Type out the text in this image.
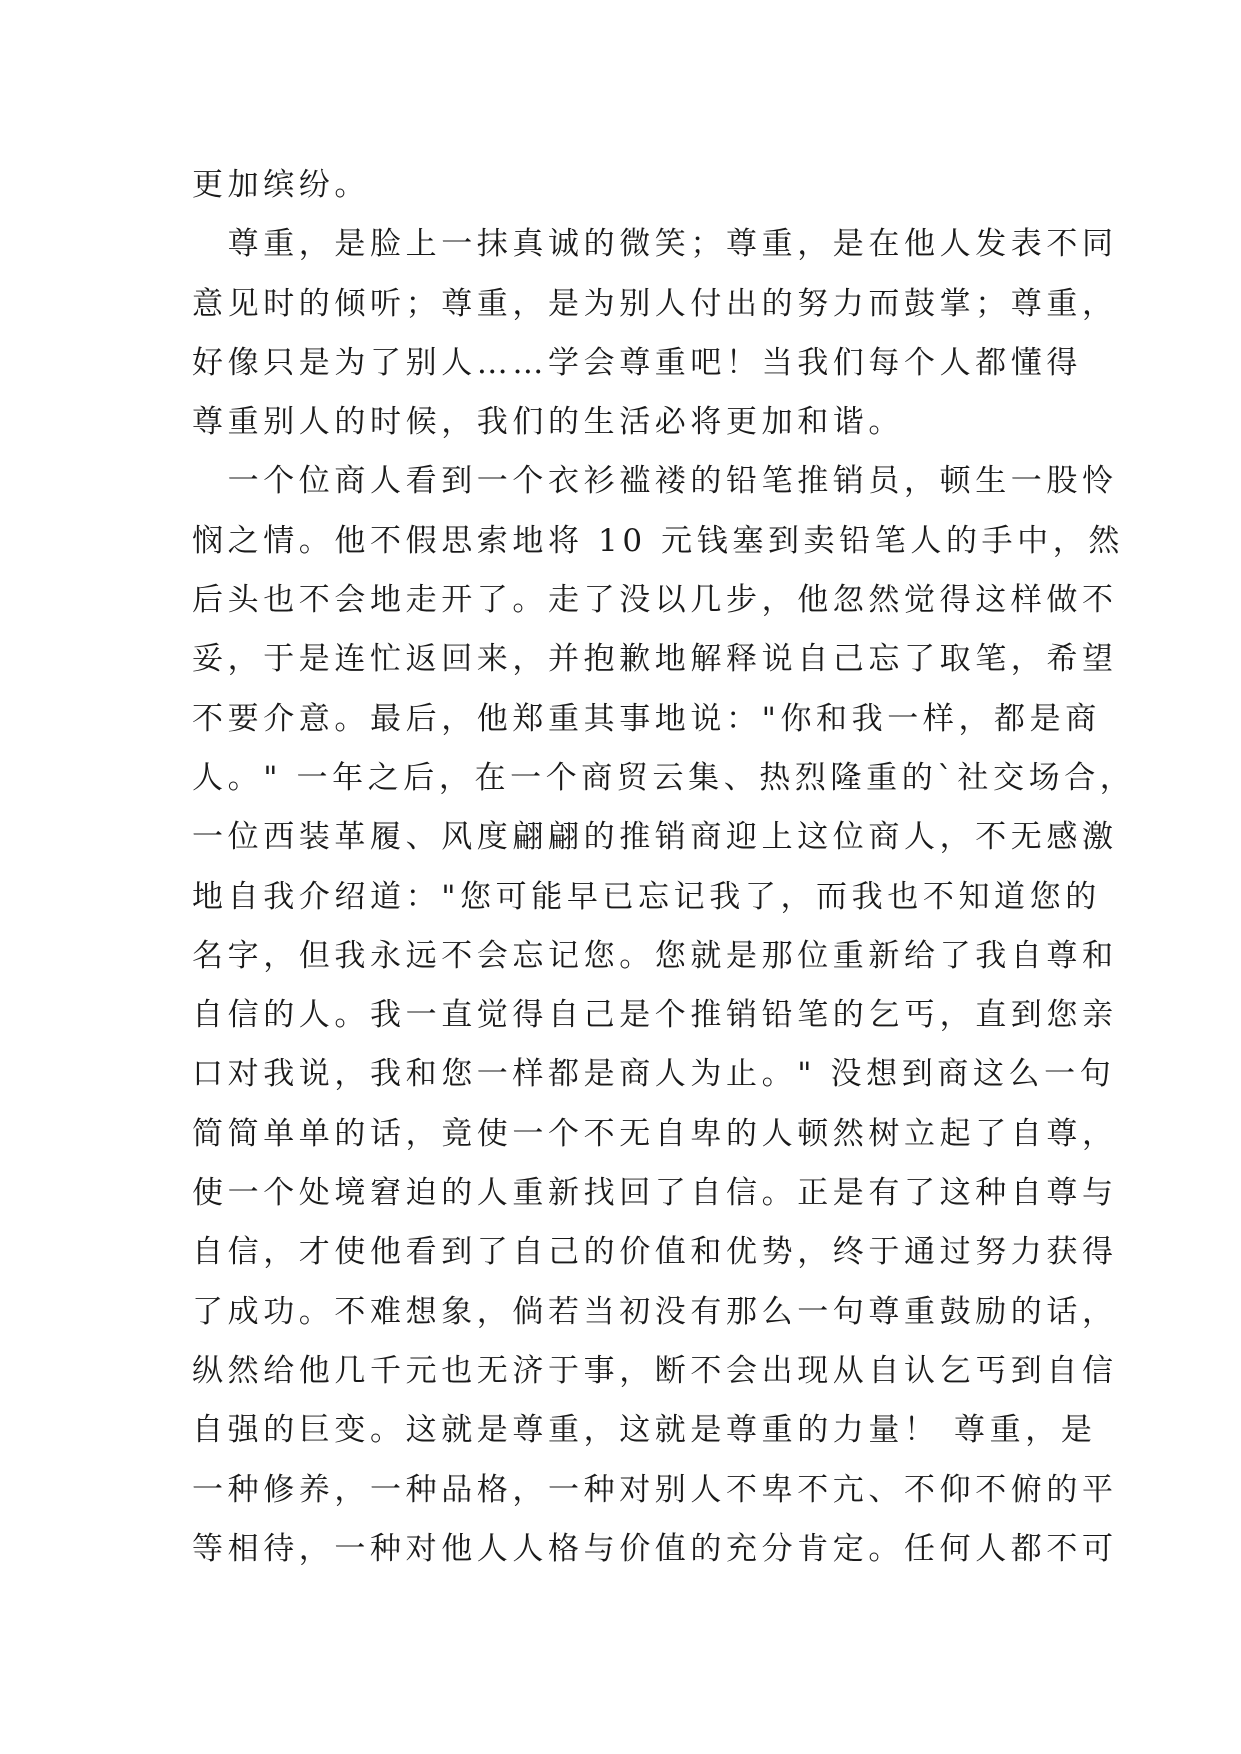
更加缤纷。
　尊重，是脸上一抹真诚的微笑；尊重，是在他人发表不同
意见时的倾听；尊重，是为别人付出的努力而鼓掌；尊重，
好像只是为了别人……学会尊重吧！当我们每个人都懂得
尊重别人的时候，我们的生活必将更加和谐。
　一个位商人看到一个衣衫褴褛的铅笔推销员，顿生一股怜
悯之情。他不假思索地将 10 元钱塞到卖铅笔人的手中，然
后头也不会地走开了。走了没以几步，他忽然觉得这样做不
妥，于是连忙返回来，并抱歉地解释说自己忘了取笔，希望
不要介意。最后，他郑重其事地说："你和我一样，都是商
人。" 一年之后，在一个商贸云集、热烈隆重的`社交场合，
一位西装革履、风度翩翩的推销商迎上这位商人，不无感激
地自我介绍道："您可能早已忘记我了，而我也不知道您的
名字，但我永远不会忘记您。您就是那位重新给了我自尊和
自信的人。我一直觉得自己是个推销铅笔的乞丐，直到您亲
口对我说，我和您一样都是商人为止。" 没想到商这么一句
简简单单的话，竟使一个不无自卑的人顿然树立起了自尊，
使一个处境窘迫的人重新找回了自信。正是有了这种自尊与
自信，才使他看到了自己的价值和优势，终于通过努力获得
了成功。不难想象，倘若当初没有那么一句尊重鼓励的话，
纵然给他几千元也无济于事，断不会出现从自认乞丐到自信
自强的巨变。这就是尊重，这就是尊重的力量！ 尊重，是
一种修养，一种品格，一种对别人不卑不亢、不仰不俯的平
等相待，一种对他人人格与价值的充分肯定。任何人都不可
